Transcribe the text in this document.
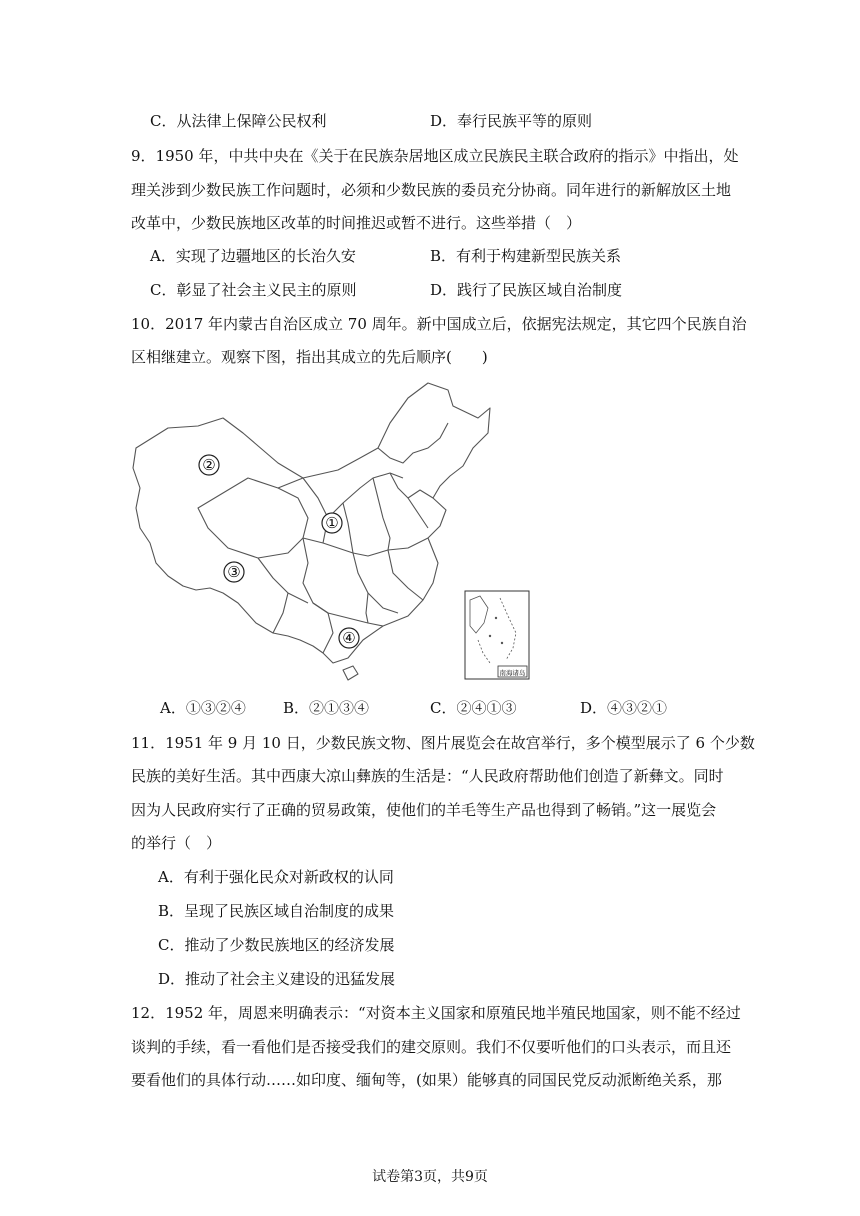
C．从法律上保障公民权利	D．奉行民族平等的原则
9．1950 年，中共中央在《关于在民族杂居地区成立民族民主联合政府的指示》中指出，处
理关涉到少数民族工作问题时，必须和少数民族的委员充分协商。同年进行的新解放区土地
改革中，少数民族地区改革的时间推迟或暂不进行。这些举措（　）
A．实现了边疆地区的长治久安	B．有利于构建新型民族关系
C．彰显了社会主义民主的原则	D．践行了民族区域自治制度
10．2017 年内蒙古自治区成立 70 周年。新中国成立后，依据宪法规定，其它四个民族自治
区相继建立。观察下图，指出其成立的先后顺序(　　)
②
①
③
④
南海诸岛
A．①③②④ B．②①③④	C．②④①③	D．④③②①
11．1951 年 9 月 10 日，少数民族文物、图片展览会在故宫举行，多个模型展示了 6 个少数
民族的美好生活。其中西康大凉山彝族的生活是：“人民政府帮助他们创造了新彝文。同时
因为人民政府实行了正确的贸易政策，使他们的羊毛等生产品也得到了畅销。”这一展览会
的举行（　）
A．有利于强化民众对新政权的认同
B．呈现了民族区域自治制度的成果
C．推动了少数民族地区的经济发展
D．推动了社会主义建设的迅猛发展
12．1952 年，周恩来明确表示：“对资本主义国家和原殖民地半殖民地国家，则不能不经过
谈判的手续，看一看他们是否接受我们的建交原则。我们不仅要听他们的口头表示，而且还
要看他们的具体行动……如印度、缅甸等，(如果）能够真的同国民党反动派断绝关系，那
试卷第3页，共9页
